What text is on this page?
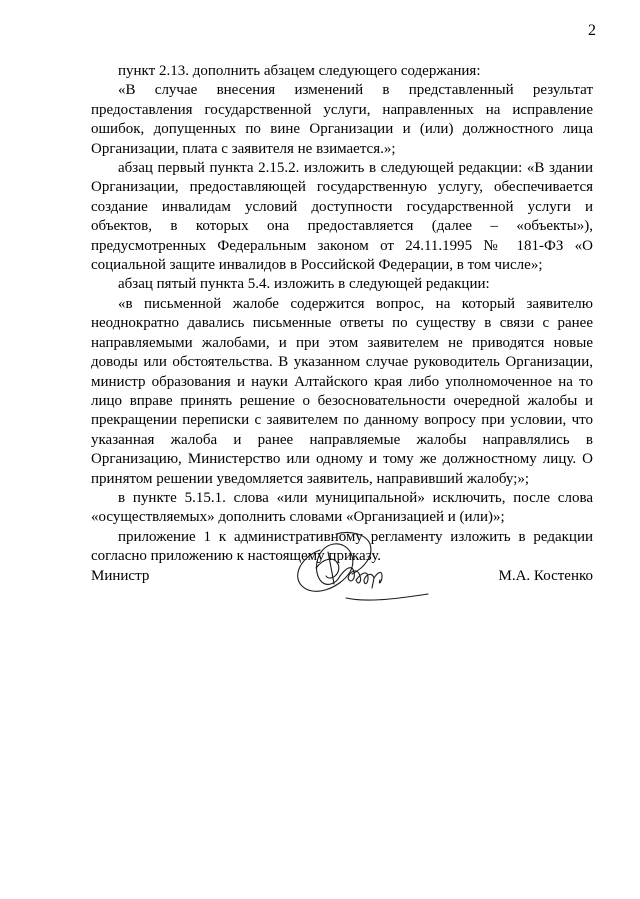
2

пункт 2.13. дополнить абзацем следующего содержания:

«В случае внесения изменений в представленный результат предоставления государственной услуги, направленных на исправление ошибок, допущенных по вине Организации и (или) должностного лица Организации, плата с заявителя не взимается.»;

абзац первый пункта 2.15.2. изложить в следующей редакции: «В здании Организации, предоставляющей государственную услугу, обеспечивается создание инвалидам условий доступности государственной услуги и объектов, в которых она предоставляется (далее – «объекты»), предусмотренных Федеральным законом от 24.11.1995 № 181-ФЗ «О социальной защите инвалидов в Российской Федерации, в том числе»;

абзац пятый пункта 5.4. изложить в следующей редакции:

«в письменной жалобе содержится вопрос, на который заявителю неоднократно давались письменные ответы по существу в связи с ранее направляемыми жалобами, и при этом заявителем не приводятся новые доводы или обстоятельства. В указанном случае руководитель Организации, министр образования и науки Алтайского края либо уполномоченное на то лицо вправе принять решение о безосновательности очередной жалобы и прекращении переписки с заявителем по данному вопросу при условии, что указанная жалоба и ранее направляемые жалобы направлялись в Организацию, Министерство или одному и тому же должностному лицу. О принятом решении уведомляется заявитель, направивший жалобу;»;

в пункте 5.15.1. слова «или муниципальной» исключить, после слова «осуществляемых» дополнить словами «Организацией и (или)»;

приложение 1 к административному регламенту изложить в редакции согласно приложению к настоящему приказу.

Министр	М.А. Костенко
